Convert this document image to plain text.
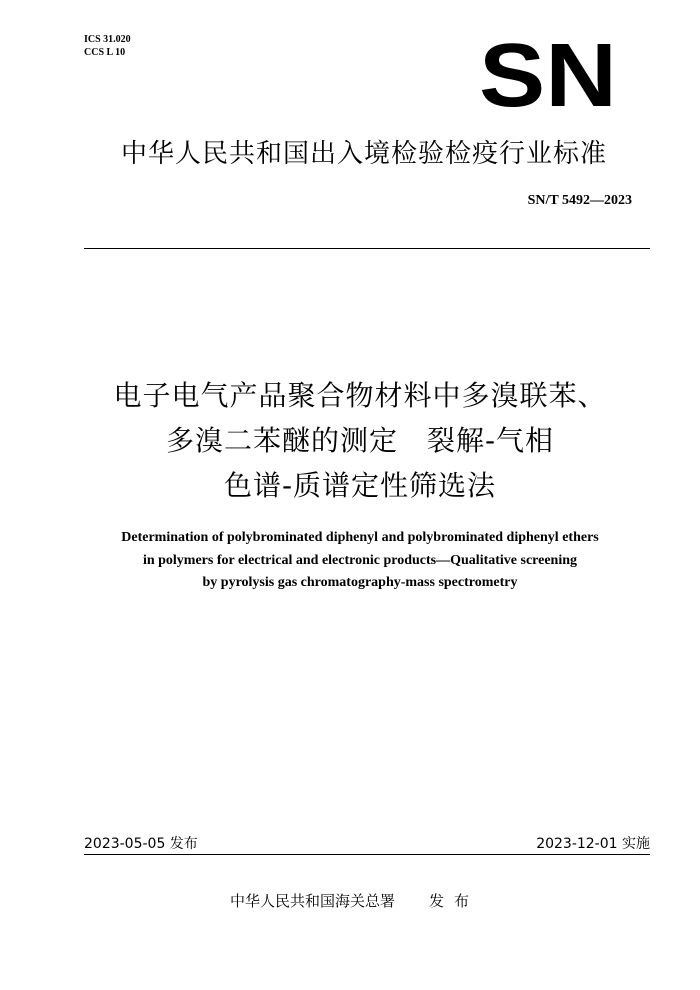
ICS 31.020
CCS L 10	SN
中华人民共和国出入境检验检疫行业标准
SN/T 5492—2023
电子电气产品聚合物材料中多溴联苯、
多溴二苯醚的测定　裂解-气相
色谱-质谱定性筛选法
Determination of polybrominated diphenyl and polybrominated diphenyl ethers
in polymers for electrical and electronic products—Qualitative screening
by pyrolysis gas chromatography-mass spectrometry
2023-05-05 发布	2023-12-01 实施
中华人民共和国海关总署 发布
